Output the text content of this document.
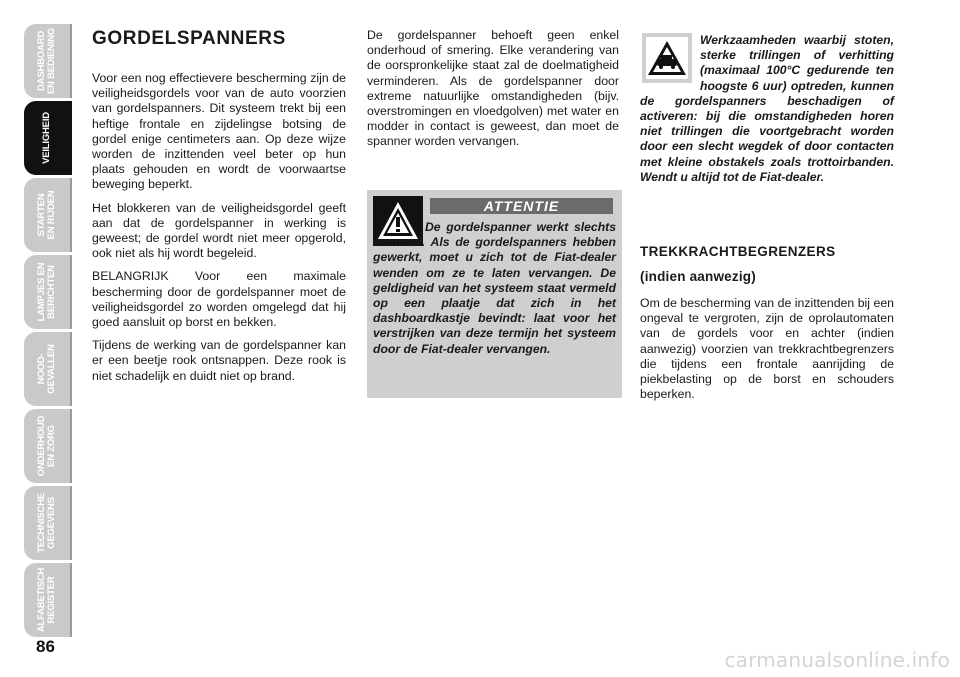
DASHBOARD
EN BEDIENING
VEILIGHEID
STARTEN
EN RIJDEN
LAMPJES EN
BERICHTEN
NOOD-
GEVALLEN
ONDERHOUD
EN ZORG
TECHNISCHE
GEGEVENS
ALFABETISCH
REGISTER
86
GORDELSPANNERS

Voor een nog effectievere bescherming zijn de veiligheidsgordels voor van de auto voorzien van gordelspanners. Dit systeem trekt bij een heftige frontale en zijdelingse botsing de gordel enige centimeters aan. Op deze wijze worden de inzittenden veel beter op hun plaats gehouden en wordt de voorwaartse beweging beperkt.

Het blokkeren van de veiligheidsgordel geeft aan dat de gordelspanner in werking is geweest; de gordel wordt niet meer opgerold, ook niet als hij wordt begeleid.

BELANGRIJK Voor een maximale bescherming door de gordelspanner moet de veiligheidsgordel zo worden omgelegd dat hij goed aansluit op borst en bekken.

Tijdens de werking van de gordelspanner kan er een beetje rook ontsnappen. Deze rook is niet schadelijk en duidt niet op brand.

De gordelspanner behoeft geen enkel onderhoud of smering. Elke verandering van de oorspronkelijke staat zal de doelmatigheid verminderen. Als de gordelspanner door extreme natuurlijke omstandigheden (bijv. overstromingen en vloedgolven) met water en modder in contact is geweest, dan moet de spanner worden vervangen.

ATTENTIE
De gordelspanner werkt slechts eenmaal. Als de gordelspanners hebben gewerkt, moet u zich tot de Fiat-dealer wenden om ze te laten vervangen. De geldigheid van het systeem staat vermeld op een plaatje dat zich in het dashboardkastje bevindt: laat voor het verstrijken van deze termijn het systeem door de Fiat-dealer vervangen.
Werkzaamheden waarbij stoten, sterke trillingen of verhitting (maximaal 100°C gedurende ten hoogste 6 uur) optreden, kunnen de gordelspanners beschadigen of activeren: bij die omstandigheden horen niet trillingen die voortgebracht worden door een slecht wegdek of door contacten met kleine obstakels zoals trottoirbanden. Wendt u altijd tot de Fiat-dealer.
TREKKRACHTBEGRENZERS
(indien aanwezig)
Om de bescherming van de inzittenden bij een ongeval te vergroten, zijn de oprolautomaten van de gordels voor en achter (indien aanwezig) voorzien van trekkrachtbegrenzers die tijdens een frontale aanrijding de piekbelasting op de borst en schouders beperken.
carmanualsonline.info
